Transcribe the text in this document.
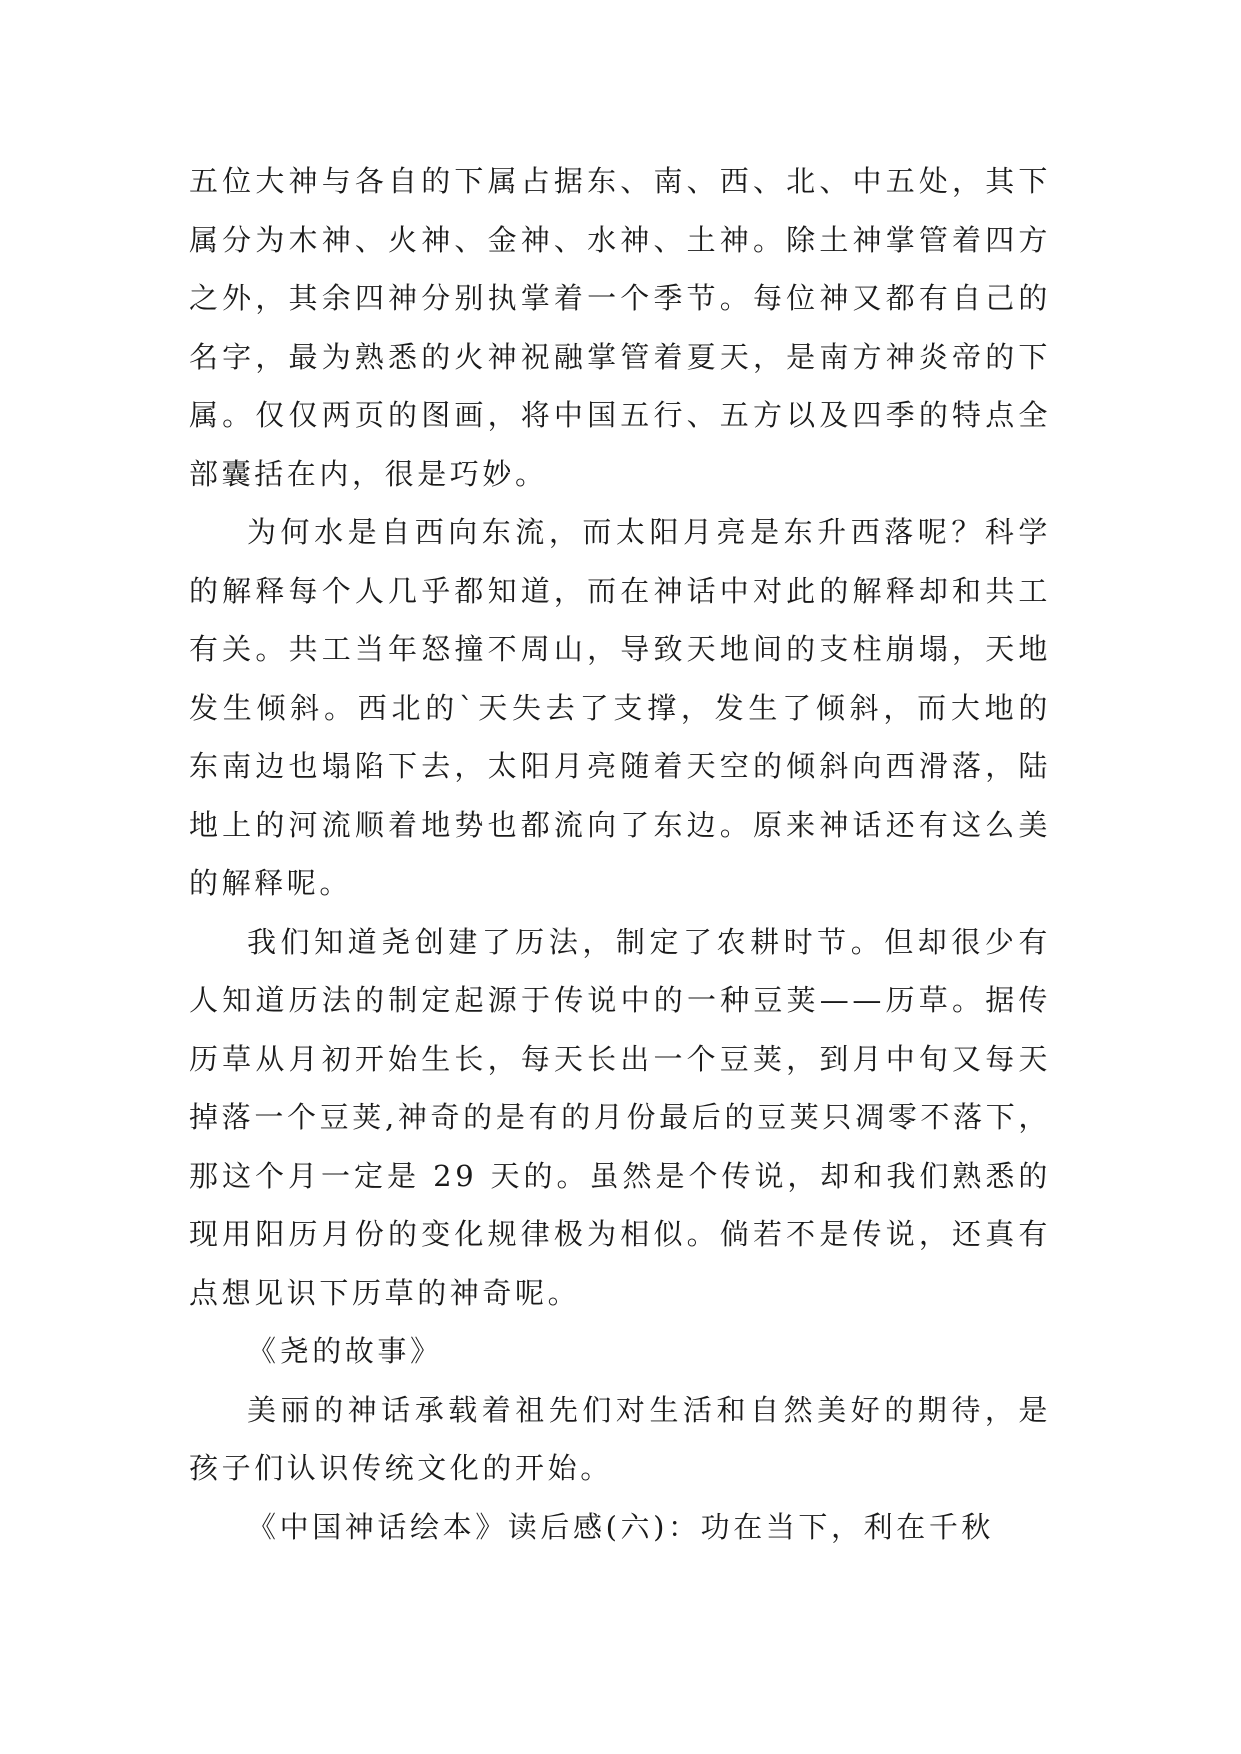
五位大神与各自的下属占据东、南、西、北、中五处，其下属分为木神、火神、金神、水神、土神。除土神掌管着四方之外，其余四神分别执掌着一个季节。每位神又都有自己的名字，最为熟悉的火神祝融掌管着夏天，是南方神炎帝的下属。仅仅两页的图画，将中国五行、五方以及四季的特点全部囊括在内，很是巧妙。

为何水是自西向东流，而太阳月亮是东升西落呢？科学的解释每个人几乎都知道，而在神话中对此的解释却和共工有关。共工当年怒撞不周山，导致天地间的支柱崩塌，天地发生倾斜。西北的`天失去了支撑，发生了倾斜，而大地的东南边也塌陷下去，太阳月亮随着天空的倾斜向西滑落，陆地上的河流顺着地势也都流向了东边。原来神话还有这么美的解释呢。

我们知道尧创建了历法，制定了农耕时节。但却很少有人知道历法的制定起源于传说中的一种豆荚——历草。据传历草从月初开始生长，每天长出一个豆荚，到月中旬又每天掉落一个豆荚,神奇的是有的月份最后的豆荚只凋零不落下，那这个月一定是 29 天的。虽然是个传说，却和我们熟悉的现用阳历月份的变化规律极为相似。倘若不是传说，还真有点想见识下历草的神奇呢。

《尧的故事》

美丽的神话承载着祖先们对生活和自然美好的期待，是孩子们认识传统文化的开始。

《中国神话绘本》读后感(六)：功在当下，利在千秋
